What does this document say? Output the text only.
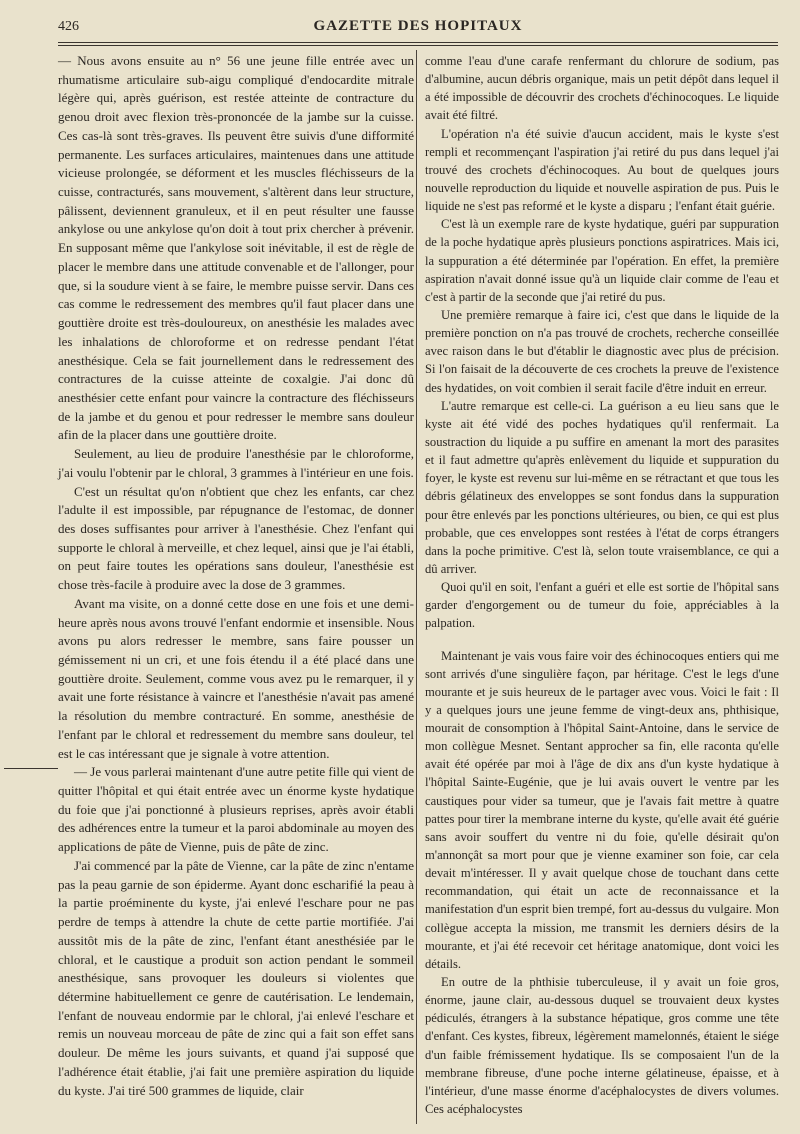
426	GAZETTE DES HOPITAUX

— Nous avons ensuite au n° 56 une jeune fille entrée avec un rhumatisme articulaire sub-aigu compliqué d'endocardite mitrale légère qui, après guérison, est restée atteinte de contracture du genou droit avec flexion très-prononcée de la jambe sur la cuisse. Ces cas-là sont très-graves. Ils peuvent être suivis d'une difformité permanente. Les surfaces articulaires, maintenues dans une attitude vicieuse prolongée, se déforment et les muscles fléchisseurs de la cuisse, contracturés, sans mouvement, s'altèrent dans leur structure, pâlissent, deviennent granuleux, et il en peut résulter une fausse ankylose ou une ankylose qu'on doit à tout prix chercher à prévenir. En supposant même que l'ankylose soit inévitable, il est de règle de placer le membre dans une attitude convenable et de l'allonger, pour que, si la soudure vient à se faire, le membre puisse servir. Dans ces cas comme le redressement des membres qu'il faut placer dans une gouttière droite est très-douloureux, on anesthésie les malades avec les inhalations de chloroforme et on redresse pendant l'état anesthésique. Cela se fait journellement dans le redressement des contractures de la cuisse atteinte de coxalgie. J'ai donc dû anesthésier cette enfant pour vaincre la contracture des fléchisseurs de la jambe et du genou et pour redresser le membre sans douleur afin de la placer dans une gouttière droite.

Seulement, au lieu de produire l'anesthésie par le chloroforme, j'ai voulu l'obtenir par le chloral, 3 grammes à l'intérieur en une fois.

C'est un résultat qu'on n'obtient que chez les enfants, car chez l'adulte il est impossible, par répugnance de l'estomac, de donner des doses suffisantes pour arriver à l'anesthésie. Chez l'enfant qui supporte le chloral à merveille, et chez lequel, ainsi que je l'ai établi, on peut faire toutes les opérations sans douleur, l'anesthésie est chose très-facile à produire avec la dose de 3 grammes.

Avant ma visite, on a donné cette dose en une fois et une demi-heure après nous avons trouvé l'enfant endormie et insensible. Nous avons pu alors redresser le membre, sans faire pousser un gémissement ni un cri, et une fois étendu il a été placé dans une gouttière droite. Seulement, comme vous avez pu le remarquer, il y avait une forte résistance à vaincre et l'anesthésie n'avait pas amené la résolution du membre contracturé. En somme, anesthésie de l'enfant par le chloral et redressement du membre sans douleur, tel est le cas intéressant que je signale à votre attention.

— Je vous parlerai maintenant d'une autre petite fille qui vient de quitter l'hôpital et qui était entrée avec un énorme kyste hydatique du foie que j'ai ponctionné à plusieurs reprises, après avoir établi des adhérences entre la tumeur et la paroi abdominale au moyen des applications de pâte de Vienne, puis de pâte de zinc.

J'ai commencé par la pâte de Vienne, car la pâte de zinc n'entame pas la peau garnie de son épiderme. Ayant donc escharifié la peau à la partie proéminente du kyste, j'ai enlevé l'eschare pour ne pas perdre de temps à attendre la chute de cette partie mortifiée. J'ai aussitôt mis de la pâte de zinc, l'enfant étant anesthésiée par le chloral, et le caustique a produit son action pendant le sommeil anesthésique, sans provoquer les douleurs si violentes que détermine habituellement ce genre de cautérisation. Le lendemain, l'enfant de nouveau endormie par le chloral, j'ai enlevé l'eschare et remis un nouveau morceau de pâte de zinc qui a fait son effet sans douleur. De même les jours suivants, et quand j'ai supposé que l'adhérence était établie, j'ai fait une première aspiration du liquide du kyste. J'ai tiré 500 grammes de liquide, clair

comme l'eau d'une carafe renfermant du chlorure de sodium, pas d'albumine, aucun débris organique, mais un petit dépôt dans lequel il a été impossible de découvrir des crochets d'échinocoques. Le liquide avait été filtré.

L'opération n'a été suivie d'aucun accident, mais le kyste s'est rempli et recommençant l'aspiration j'ai retiré du pus dans lequel j'ai trouvé des crochets d'échinocoques. Au bout de quelques jours nouvelle reproduction du liquide et nouvelle aspiration de pus. Puis le liquide ne s'est pas reformé et le kyste a disparu ; l'enfant était guérie.

C'est là un exemple rare de kyste hydatique, guéri par suppuration de la poche hydatique après plusieurs ponctions aspiratrices. Mais ici, la suppuration a été déterminée par l'opération. En effet, la première aspiration n'avait donné issue qu'à un liquide clair comme de l'eau et c'est à partir de la seconde que j'ai retiré du pus.

Une première remarque à faire ici, c'est que dans le liquide de la première ponction on n'a pas trouvé de crochets, recherche conseillée avec raison dans le but d'établir le diagnostic avec plus de précision. Si l'on faisait de la découverte de ces crochets la preuve de l'existence des hydatides, on voit combien il serait facile d'être induit en erreur.

L'autre remarque est celle-ci. La guérison a eu lieu sans que le kyste ait été vidé des poches hydatiques qu'il renfermait. La soustraction du liquide a pu suffire en amenant la mort des parasites et il faut admettre qu'après enlèvement du liquide et suppuration du foyer, le kyste est revenu sur lui-même en se rétractant et que tous les débris gélatineux des enveloppes se sont fondus dans la suppuration pour être enlevés par les ponctions ultérieures, ou bien, ce qui est plus probable, que ces enveloppes sont restées à l'état de corps étrangers dans la poche primitive. C'est là, selon toute vraisemblance, ce qui a dû arriver.

Quoi qu'il en soit, l'enfant a guéri et elle est sortie de l'hôpital sans garder d'engorgement ou de tumeur du foie, appréciables à la palpation.

Maintenant je vais vous faire voir des échinocoques entiers qui me sont arrivés d'une singulière façon, par héritage. C'est le legs d'une mourante et je suis heureux de le partager avec vous. Voici le fait : Il y a quelques jours une jeune femme de vingt-deux ans, phthisique, mourait de consomption à l'hôpital Saint-Antoine, dans le service de mon collègue Mesnet. Sentant approcher sa fin, elle raconta qu'elle avait été opérée par moi à l'âge de dix ans d'un kyste hydatique à l'hôpital Sainte-Eugénie, que je lui avais ouvert le ventre par les caustiques pour vider sa tumeur, que je l'avais fait mettre à quatre pattes pour tirer la membrane interne du kyste, qu'elle avait été guérie sans avoir souffert du ventre ni du foie, qu'elle désirait qu'on m'annonçât sa mort pour que je vienne examiner son foie, car cela devait m'intéresser. Il y avait quelque chose de touchant dans cette recommandation, qui était un acte de reconnaissance et la manifestation d'un esprit bien trempé, fort au-dessus du vulgaire. Mon collègue accepta la mission, me transmit les derniers désirs de la mourante, et j'ai été recevoir cet héritage anatomique, dont voici les détails.

En outre de la phthisie tuberculeuse, il y avait un foie gros, énorme, jaune clair, au-dessous duquel se trouvaient deux kystes pédiculés, étrangers à la substance hépatique, gros comme une tête d'enfant. Ces kystes, fibreux, légèrement mamelonnés, étaient le siége d'un faible frémissement hydatique. Ils se composaient l'un de la membrane fibreuse, d'une poche interne gélatineuse, épaisse, et à l'intérieur, d'une masse énorme d'acéphalocystes de divers volumes. Ces acéphalocystes
